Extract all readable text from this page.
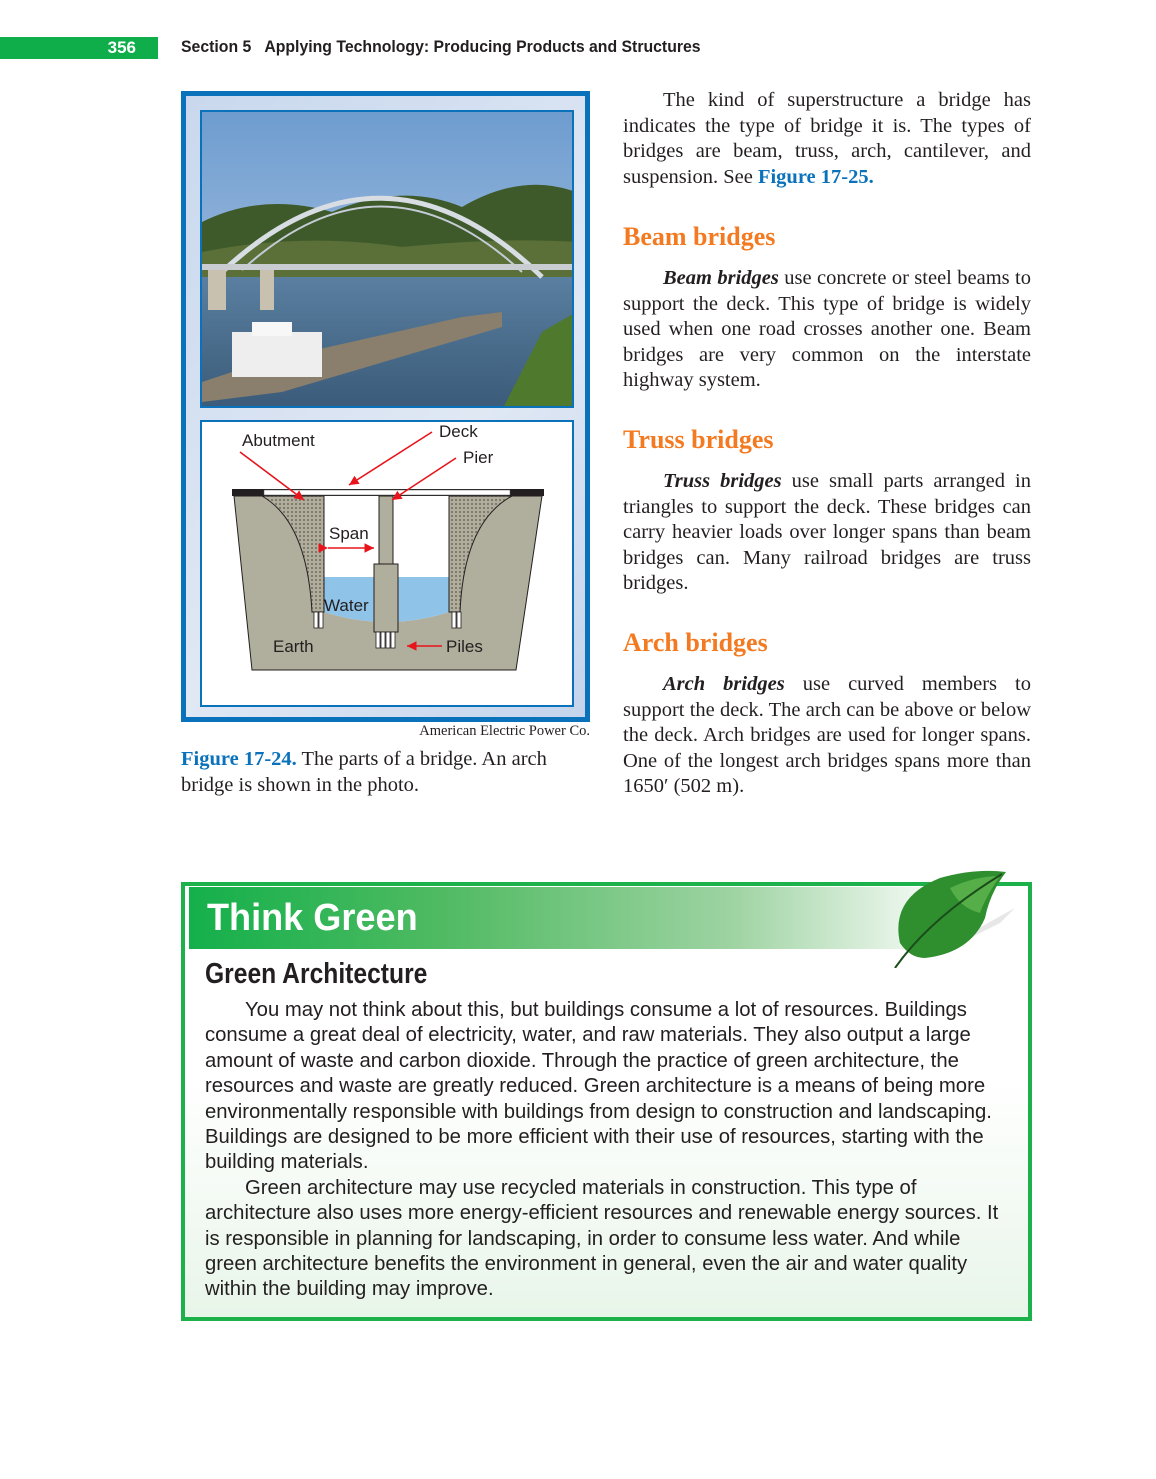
356	Section 5 Applying Technology: Producing Products and Structures
Abutment	Deck
Pier
Span
Water
Earth	Piles
American Electric Power Co.
Figure 17-24. The parts of a bridge. An arch bridge is shown in the photo.

The kind of superstructure a bridge has indicates the type of bridge it is. The types of bridges are beam, truss, arch, cantilever, and suspension. See Figure 17-25.

Beam bridges

Beam bridges use concrete or steel beams to support the deck. This type of bridge is widely used when one road crosses another one. Beam bridges are very common on the interstate highway system.

Truss bridges

Truss bridges use small parts arranged in triangles to support the deck. These bridges can carry heavier loads over longer spans than beam bridges can. Many railroad bridges are truss bridges.

Arch bridges

Arch bridges use curved members to support the deck. The arch can be above or below the deck. Arch bridges are used for longer spans. One of the longest arch bridges spans more than 1650′ (502 m).

Think Green
Green Architecture

You may not think about this, but buildings consume a lot of resources. Buildings consume a great deal of electricity, water, and raw materials. They also output a large amount of waste and carbon dioxide. Through the practice of green architecture, the resources and waste are greatly reduced. Green architecture is a means of being more environmentally responsible with buildings from design to construction and landscaping. Buildings are designed to be more efficient with their use of resources, starting with the building materials.

Green architecture may use recycled materials in construction. This type of architecture also uses more energy-efficient resources and renewable energy sources. It is responsible in planning for landscaping, in order to consume less water. And while green architecture benefits the environment in general, even the air and water quality within the building may improve.
